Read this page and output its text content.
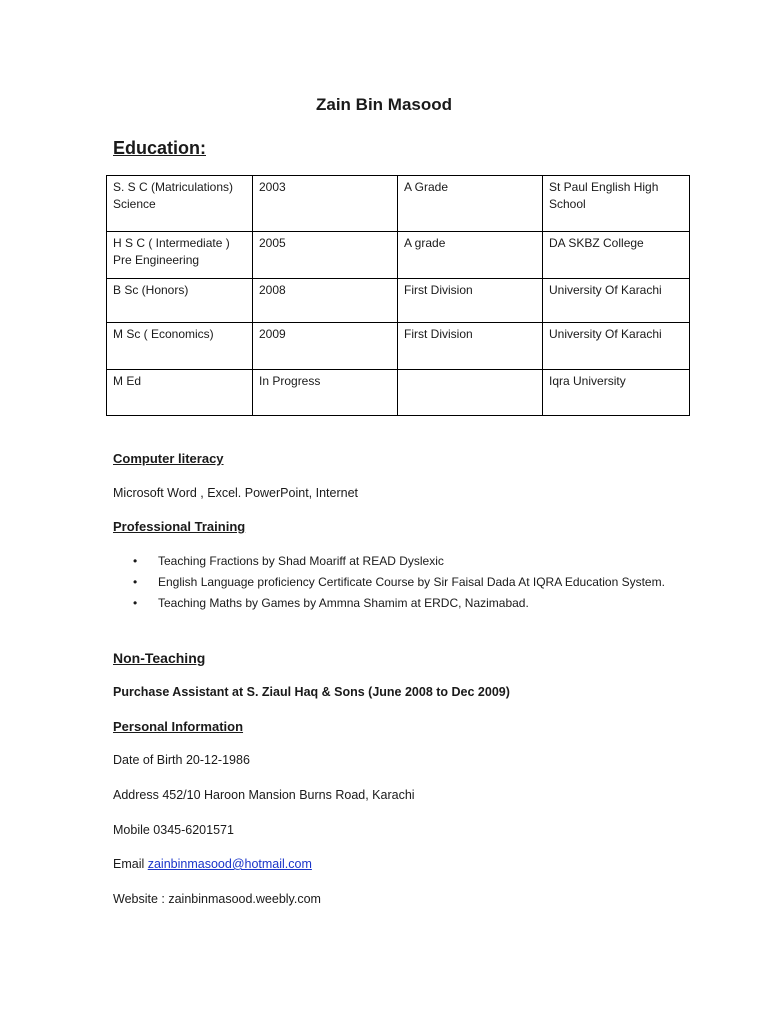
Zain Bin Masood
Education:
S. S C (Matriculations) Science	2003	A Grade	St Paul English High School
H S C ( Intermediate ) Pre Engineering	2005	A grade	DA SKBZ College
B Sc (Honors)	2008	First Division	University Of Karachi
M Sc ( Economics)	2009	First Division	University Of Karachi
M Ed	In Progress		Iqra University
Computer literacy
Microsoft Word , Excel. PowerPoint, Internet
Professional Training
• Teaching Fractions by Shad Moariff at READ Dyslexic
• English Language proficiency Certificate Course by Sir Faisal Dada At IQRA Education System.
• Teaching Maths by Games by Ammna Shamim at ERDC, Nazimabad.
Non-Teaching
Purchase Assistant at S. Ziaul Haq & Sons (June 2008 to Dec 2009)
Personal Information
Date of Birth 20-12-1986
Address 452/10 Haroon Mansion Burns Road, Karachi
Mobile 0345-6201571
Email zainbinmasood@hotmail.com
Website : zainbinmasood.weebly.com
